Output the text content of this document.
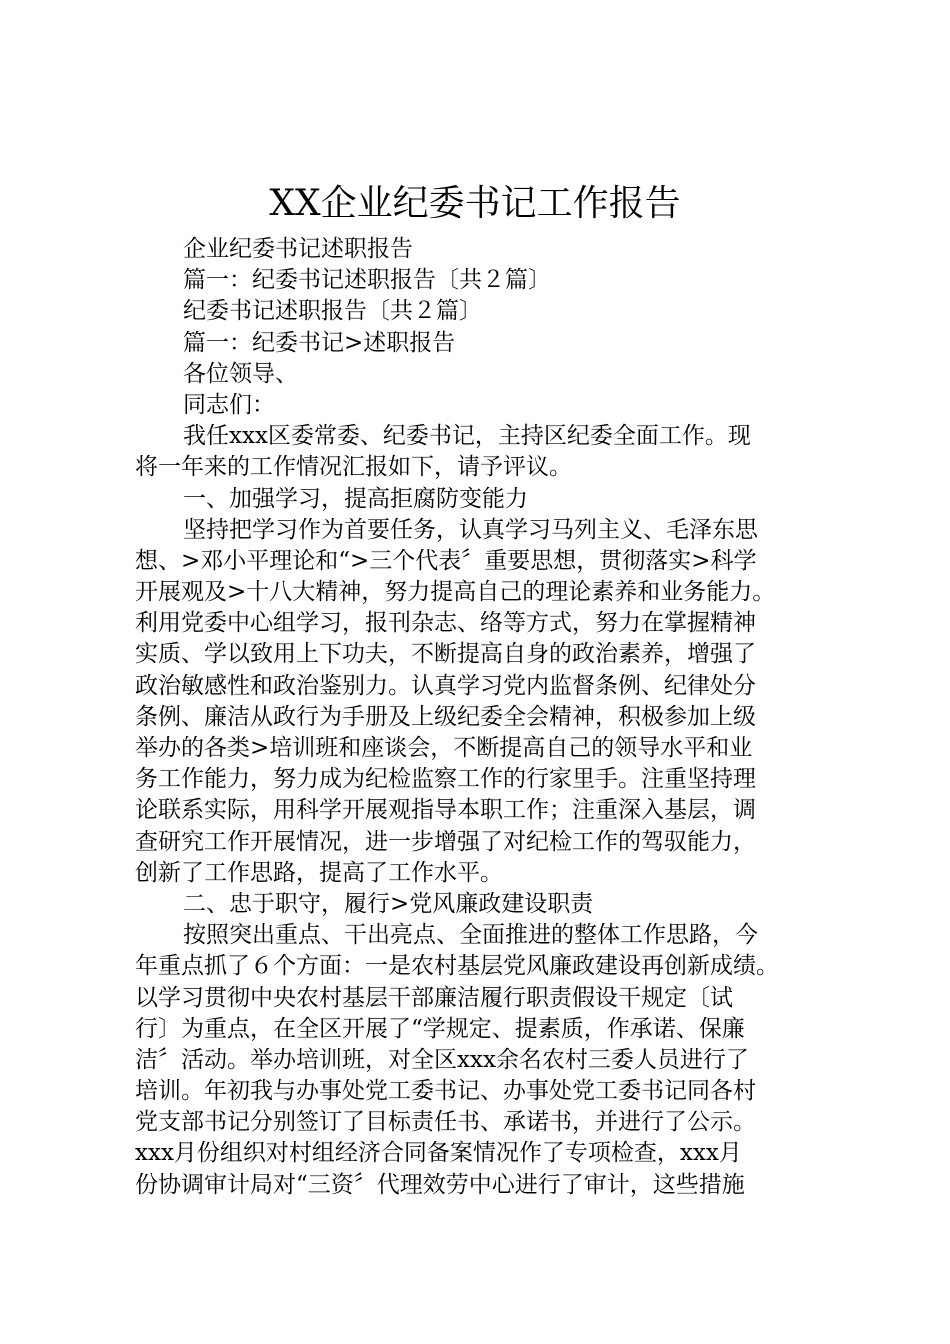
XX企业纪委书记工作报告
企业纪委书记述职报告
篇一：纪委书记述职报告〔共２篇〕
纪委书记述职报告〔共２篇〕
篇一：纪委书记>述职报告
各位领导、
同志们：
我任xxx区委常委、纪委书记，主持区纪委全面工作。现
将一年来的工作情况汇报如下，请予评议。
一、加强学习，提高拒腐防变能力
坚持把学习作为首要任务，认真学习马列主义、毛泽东思
想、>邓小平理论和“>三个代表〞重要思想，贯彻落实>科学
开展观及>十八大精神，努力提高自己的理论素养和业务能力。
利用党委中心组学习，报刊杂志、络等方式，努力在掌握精神
实质、学以致用上下功夫，不断提高自身的政治素养，增强了
政治敏感性和政治鉴别力。认真学习党内监督条例、纪律处分
条例、廉洁从政行为手册及上级纪委全会精神，积极参加上级
举办的各类>培训班和座谈会，不断提高自己的领导水平和业
务工作能力，努力成为纪检监察工作的行家里手。注重坚持理
论联系实际，用科学开展观指导本职工作；注重深入基层，调
查研究工作开展情况，进一步增强了对纪检工作的驾驭能力，
创新了工作思路，提高了工作水平。
二、忠于职守，履行>党风廉政建设职责
按照突出重点、干出亮点、全面推进的整体工作思路，今
年重点抓了６个方面：一是农村基层党风廉政建设再创新成绩。
以学习贯彻中央农村基层干部廉洁履行职责假设干规定〔试
行〕为重点，在全区开展了“学规定、提素质，作承诺、保廉
洁〞活动。举办培训班，对全区xxx余名农村三委人员进行了
培训。年初我与办事处党工委书记、办事处党工委书记同各村
党支部书记分别签订了目标责任书、承诺书，并进行了公示。
xxx月份组织对村组经济合同备案情况作了专项检查，xxx月
份协调审计局对“三资〞代理效劳中心进行了审计，这些措施
